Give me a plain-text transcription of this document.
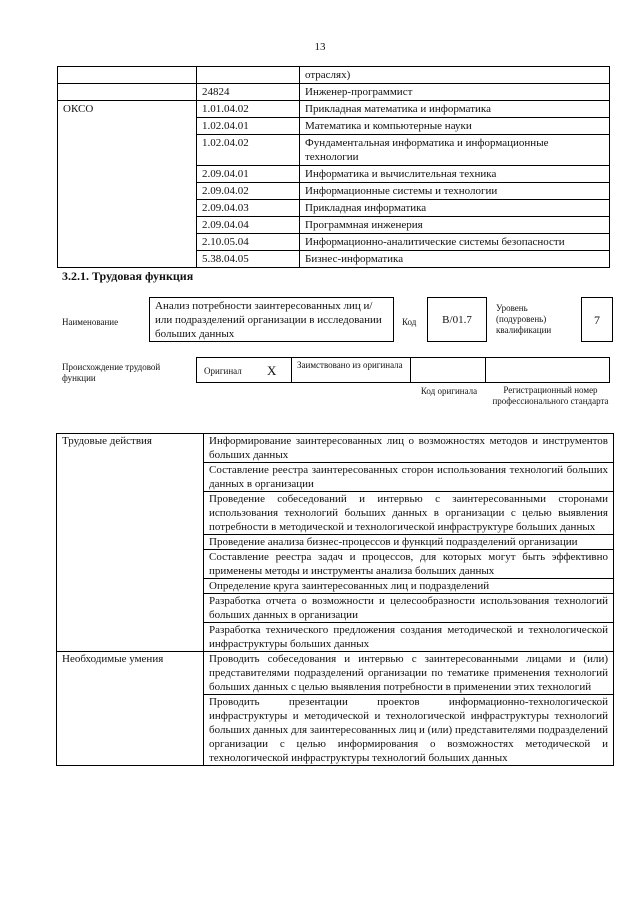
13
		отраслях)
	24824	Инженер-программист
ОКСО	1.01.04.02	Прикладная математика и информатика
	1.02.04.01	Математика и компьютерные науки
	1.02.04.02	Фундаментальная информатика и информационные технологии
	2.09.04.01	Информатика и вычислительная техника
	2.09.04.02	Информационные системы и технологии
	2.09.04.03	Прикладная информатика
	2.09.04.04	Программная инженерия
	2.10.05.04	Информационно-аналитические системы безопасности
	5.38.04.05	Бизнес-информатика
3.2.1. Трудовая функция
Наименование
Анализ потребности заинтересованных лиц и/или подразделений организации в исследовании больших данных
Код	B/01.7
Уровень (подуровень) квалификации
7
Происхождение трудовой функции
Оригинал X Заимствовано из оригинала
Код оригинала	Регистрационный номер профессионального стандарта
Трудовые действия	Информирование заинтересованных лиц о возможностях методов и инструментов больших данных
	Составление реестра заинтересованных сторон использования технологий больших данных в организации
	Проведение собеседований и интервью с заинтересованными сторонами использования технологий больших данных в организации с целью выявления потребности в методической и технологической инфраструктуре больших данных
	Проведение анализа бизнес-процессов и функций подразделений организации
	Составление реестра задач и процессов, для которых могут быть эффективно применены методы и инструменты анализа больших данных
	Определение круга заинтересованных лиц и подразделений
	Разработка отчета о возможности и целесообразности использования технологий больших данных в организации
	Разработка технического предложения создания методической и технологической инфраструктуры больших данных
Необходимые умения	Проводить собеседования и интервью с заинтересованными лицами и (или) представителями подразделений организации по тематике применения технологий больших данных с целью выявления потребности в применении этих технологий
	Проводить презентации проектов информационно-технологической инфраструктуры и методической и технологической инфраструктуры технологий больших данных для заинтересованных лиц и (или) представителями подразделений организации с целью информирования о возможностях методической и технологической инфраструктуры технологий больших данных
